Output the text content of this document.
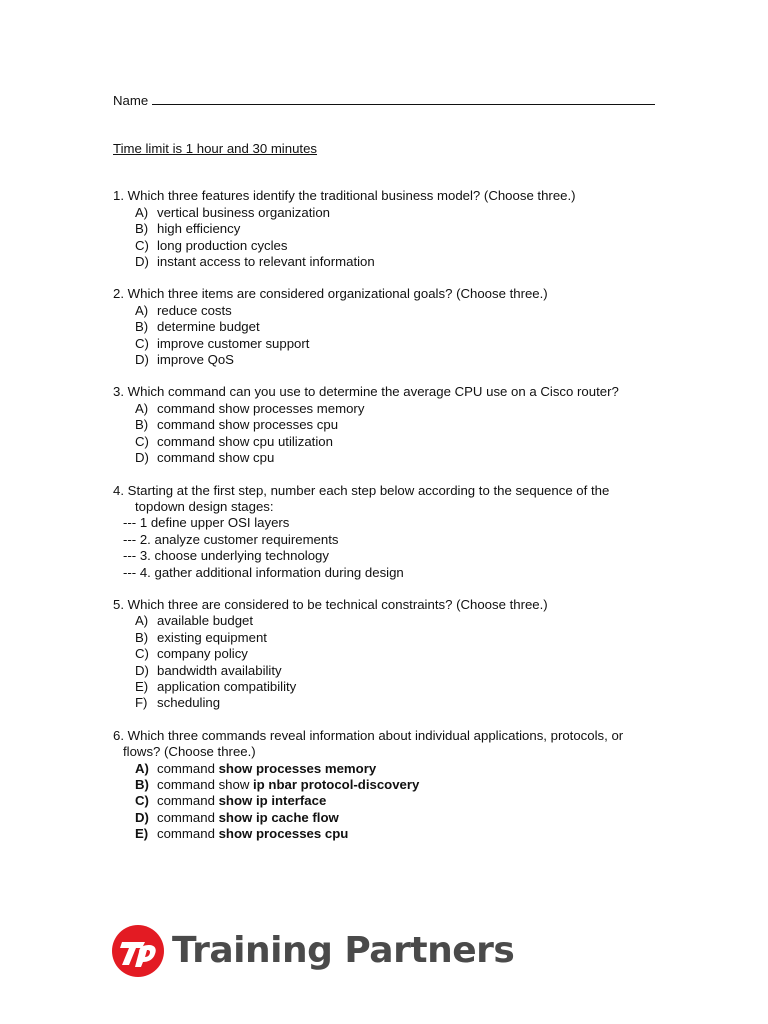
Name
Time limit is 1 hour and 30 minutes
1.
Which three features identify the traditional business model? (Choose three.)
A) vertical business organization
B) high efficiency
C) long production cycles
D) instant access to relevant information
2.
Which three items are considered organizational goals? (Choose three.)
A) reduce costs
B) determine budget
C) improve customer support
D) improve QoS
3.
Which command can you use to determine the average CPU use on a Cisco router?
A) command show processes memory
B) command show processes cpu
C) command show cpu utilization
D) command show cpu
4.
Starting at the first step, number each step below according to the sequence of the
topdown design stages:
--- 1 define upper OSI layers
--- 2. analyze customer requirements
--- 3. choose underlying technology
--- 4. gather additional information during design
5.
Which three are considered to be technical constraints? (Choose three.)
A) available budget
B) existing equipment
C) company policy
D) bandwidth availability
E) application compatibility
F) scheduling
6.
Which three commands reveal information about individual applications, protocols, or
flows? (Choose three.)
A) command show processes memory
B) command show ip nbar protocol-discovery
C) command show ip interface
D) command show ip cache flow
E) command show processes cpu
Training Partners
